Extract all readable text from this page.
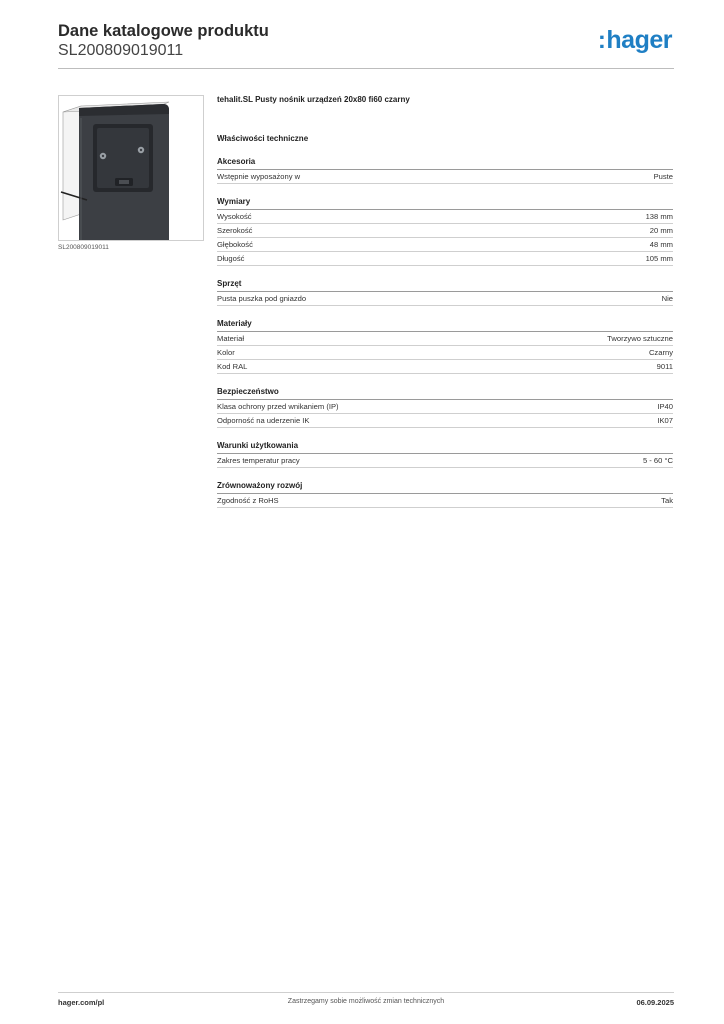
Dane katalogowe produktu
SL200809019011	:hager
SL200809019011
tehalit.SL Pusty nośnik urządzeń 20x80 fi60 czarny
Właściwości techniczne
Akcesoria
Wstępnie wyposażony w	Puste
Wymiary
Wysokość	138 mm
Szerokość	20 mm
Głębokość	48 mm
Długość	105 mm
Sprzęt
Pusta puszka pod gniazdo	Nie
Materiały
Materiał	Tworzywo sztuczne
Kolor	Czarny
Kod RAL	9011
Bezpieczeństwo
Klasa ochrony przed wnikaniem (IP)	IP40
Odporność na uderzenie IK	IK07
Warunki użytkowania
Zakres temperatur pracy	5 - 60 °C
Zrównoważony rozwój
Zgodność z RoHS	Tak
hager.com/pl	Zastrzegamy sobie możliwość zmian technicznych	06.09.2025
